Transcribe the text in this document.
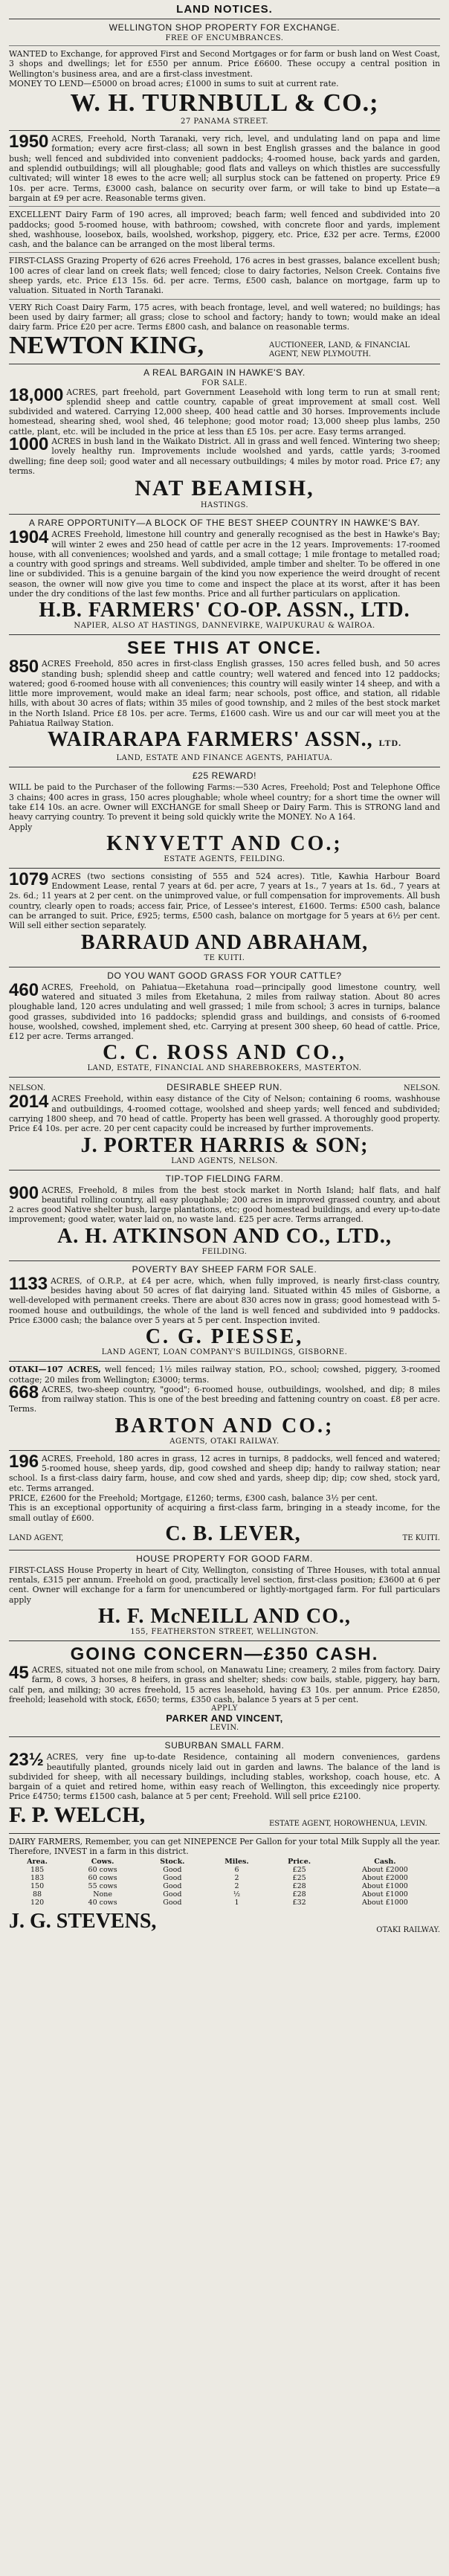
LAND NOTICES.
WELLINGTON SHOP PROPERTY FOR EXCHANGE.
FREE OF ENCUMBRANCES.
WANTED to Exchange, for approved First and Second Mortgages or for farm or bush land on West Coast, 3 shops and dwellings; let for £550 per annum. Price £6600. These occupy a central position in Wellington's business area, and are a first-class investment.
MONEY TO LEND—£5000 on broad acres; £1000 in sums to suit at current rate.
W. H. TURNBULL & CO.;
27 PANAMA STREET.
1950 ACRES, Freehold, North Taranaki, very rich, level, and undulating land on papa and lime formation; every acre first-class; all sown in best English grasses and the balance in good bush; well fenced and subdivided into convenient paddocks; 4-roomed house, back yards and garden, and splendid outbuildings; will all ploughable; good flats and valleys on which thistles are successfully cultivated; will winter 18 ewes to the acre well; all surplus stock can be fattened on property. Price £9 10s. per acre. Terms, £3000 cash, balance on security over farm, or will take to bind up Estate—a bargain at £9 per acre. Reasonable terms given.
EXCELLENT Dairy Farm of 190 acres, all improved; beach farm; well fenced and subdivided into 20 paddocks; good 5-roomed house, with bathroom; cowshed, with concrete floor and yards, implement shed, washhouse, loosebox, bails, woolshed, workshop, piggery, etc. Price, £32 per acre. Terms, £2000 cash, and the balance can be arranged on the most liberal terms.
FIRST-CLASS Grazing Property of 626 acres Freehold, 176 acres in best grasses, balance excellent bush; 100 acres of clear land on creek flats; well fenced; close to dairy factories, Nelson Creek. Contains five sheep yards, etc. Price £13 15s. 6d. per acre. Terms, £500 cash, balance on mortgage, farm up to valuation. Situated in North Taranaki.
VERY Rich Coast Dairy Farm, 175 acres, with beach frontage, level, and well watered; no buildings; has been used by dairy farmer; all grass; close to school and factory; handy to town; would make an ideal dairy farm. Price £20 per acre. Terms £800 cash, and balance on reasonable terms.
NEWTON KING,	AUCTIONEER, LAND, & FINANCIAL AGENT, NEW PLYMOUTH.
A REAL BARGAIN IN HAWKE'S BAY.
FOR SALE.
18,000 ACRES, part freehold, part Government Leasehold with long term to run at small rent; splendid sheep and cattle country, capable of great improvement at small cost. Well subdivided and watered. Carrying 12,000 sheep, 400 head cattle and 30 horses. Improvements include homestead, shearing shed, wool shed, 46 telephone; good motor road; 13,000 sheep plus lambs, 250 cattle, plant, etc. will be included in the price at less than £5 10s. per acre. Easy terms arranged.
1000 ACRES in bush land in the Waikato District. All in grass and well fenced. Wintering two sheep; lovely healthy run. Improvements include woolshed and yards, cattle yards; 3-roomed dwelling; fine deep soil; good water and all necessary outbuildings; 4 miles by motor road. Price £7; any terms.
NAT BEAMISH,
HASTINGS.
A RARE OPPORTUNITY—A BLOCK OF THE BEST SHEEP COUNTRY IN HAWKE'S BAY.
1904 ACRES Freehold, limestone hill country and generally recognised as the best in Hawke's Bay; will winter 2 ewes and 250 head of cattle per acre in the 12 years. Improvements: 17-roomed house, with all conveniences; woolshed and yards, and a small cottage; 1 mile frontage to metalled road; a country with good springs and streams. Well subdivided, ample timber and shelter. To be offered in one line or subdivided. This is a genuine bargain of the kind you now experience the weird drought of recent season, the owner will now give you time to come and inspect the place at its worst, after it has been under the dry conditions of the last few months. Price and all further particulars on application.
H.B. FARMERS' CO-OP. ASSN., LTD.
NAPIER, ALSO AT HASTINGS, DANNEVIRKE, WAIPUKURAU & WAIROA.
SEE THIS AT ONCE.
850 ACRES Freehold, 850 acres in first-class English grasses, 150 acres felled bush, and 50 acres standing bush; splendid sheep and cattle country; well watered and fenced into 12 paddocks; watered; good 6-roomed house with all conveniences; this country will easily winter 14 sheep, and with a little more improvement, would make an ideal farm; near schools, post office, and station, all ridable hills, with about 30 acres of flats; within 35 miles of good township, and 2 miles of the best stock market in the North Island. Price £8 10s. per acre. Terms, £1600 cash. Wire us and our car will meet you at the Pahiatua Railway Station.
WAIRARAPA FARMERS' ASSN., LTD.
LAND, ESTATE AND FINANCE AGENTS, PAHIATUA.
£25 REWARD!
WILL be paid to the Purchaser of the following Farms:—530 Acres, Freehold; Post and Telephone Office 3 chains; 400 acres in grass, 150 acres ploughable; whole wheel country; for a short time the owner will take £14 10s. an acre. Owner will EXCHANGE for small Sheep or Dairy Farm. This is STRONG land and heavy carrying country. To prevent it being sold quickly write the MONEY. No A 164.
Apply
KNYVETT AND CO.;
ESTATE AGENTS, FEILDING.
1079 ACRES (two sections consisting of 555 and 524 acres). Title, Kawhia Harbour Board Endowment Lease, rental 7 years at 6d. per acre, 7 years at 1s., 7 years at 1s. 6d., 7 years at 2s. 6d.; 11 years at 2 per cent. on the unimproved value, or full compensation for improvements. All bush country, clearly open to roads; access fair, Price, of Lessee's interest, £1600. Terms: £500 cash, balance can be arranged to suit. Price, £925; terms, £500 cash, balance on mortgage for 5 years at 6½ per cent. Will sell either section separately.
BARRAUD AND ABRAHAM,
TE KUITI.
DO YOU WANT GOOD GRASS FOR YOUR CATTLE?
460 ACRES, Freehold, on Pahiatua—Eketahuna road—principally good limestone country, well watered and situated 3 miles from Eketahuna, 2 miles from railway station. About 80 acres ploughable land, 120 acres undulating and well grassed; 1 mile from school; 3 acres in turnips, balance good grasses, subdivided into 16 paddocks; splendid grass and buildings, and consists of 6-roomed house, woolshed, cowshed, implement shed, etc. Carrying at present 300 sheep, 60 head of cattle. Price, £12 per acre. Terms arranged.
C. C. ROSS AND CO.,
LAND, ESTATE, FINANCIAL AND SHAREBROKERS, MASTERTON.
NELSON.	DESIRABLE SHEEP RUN.	NELSON.
2014 ACRES Freehold, within easy distance of the City of Nelson; containing 6 rooms, washhouse and outbuildings, 4-roomed cottage, woolshed and sheep yards; well fenced and subdivided; carrying 1800 sheep, and 70 head of cattle. Property has been well grassed. A thoroughly good property. Price £4 10s. per acre. 20 per cent capacity could be increased by further improvements.
J. PORTER HARRIS & SON;
LAND AGENTS, NELSON.
TIP-TOP FIELDING FARM.
900 ACRES, Freehold, 8 miles from the best stock market in North Island; half flats, and half beautiful rolling country, all easy ploughable; 200 acres in improved grassed country, and about 2 acres good Native shelter bush, large plantations, etc; good homestead buildings, and every up-to-date improvement; good water, water laid on, no waste land. £25 per acre. Terms arranged.
A. H. ATKINSON AND CO., LTD.,
FEILDING.
POVERTY BAY SHEEP FARM FOR SALE.
1133 ACRES, of O.R.P., at £4 per acre, which, when fully improved, is nearly first-class country, besides having about 50 acres of flat dairying land. Situated within 45 miles of Gisborne, a well-developed with permanent creeks. There are about 830 acres now in grass; good homestead with 5-roomed house and outbuildings, the whole of the land is well fenced and subdivided into 9 paddocks. Price £3000 cash; the balance over 5 years at 5 per cent. Inspection invited.
C. G. PIESSE,
LAND AGENT, LOAN COMPANY'S BUILDINGS, GISBORNE.
OTAKI—107 ACRES, well fenced; 1½ miles railway station, P.O., school; cowshed, piggery, 3-roomed cottage; 20 miles from Wellington; £3000; terms.
668 ACRES, two-sheep country, "good"; 6-roomed house, outbuildings, woolshed, and dip; 8 miles from railway station. This is one of the best breeding and fattening country on coast. £8 per acre. Terms.
BARTON AND CO.;
AGENTS, OTAKI RAILWAY.
196 ACRES, Freehold, 180 acres in grass, 12 acres in turnips, 8 paddocks, well fenced and watered; 5-roomed house, sheep yards, dip, good cowshed and sheep dip; handy to railway station; near school. Is a first-class dairy farm, house, and cow shed and yards, sheep dip; dip; cow shed, stock yard, etc. Terms arranged.
PRICE, £2600 for the Freehold; Mortgage, £1260; terms, £300 cash, balance 3½ per cent.
This is an exceptional opportunity of acquiring a first-class farm, bringing in a steady income, for the small outlay of £600.
LAND AGENT,	C. B. LEVER,	TE KUITI.
HOUSE PROPERTY FOR GOOD FARM.
FIRST-CLASS House Property in heart of City, Wellington, consisting of Three Houses, with total annual rentals, £315 per annum. Freehold on good, practically level section, first-class position; £3600 at 6 per cent. Owner will exchange for a farm for unencumbered or lightly-mortgaged farm. For full particulars apply
H. F. McNEILL AND CO.,
155, FEATHERSTON STREET, WELLINGTON.
GOING CONCERN—£350 CASH.
45 ACRES, situated not one mile from school, on Manawatu Line; creamery, 2 miles from factory. Dairy farm, 8 cows, 3 horses, 8 heifers, in grass and shelter; sheds: cow bails, stable, piggery, hay barn, calf pen, and milking; 30 acres freehold, 15 acres leasehold, having £3 10s. per annum. Price £2850, freehold; leasehold with stock, £650; terms, £350 cash, balance 5 years at 5 per cent.
APPLY
PARKER AND VINCENT,
LEVIN.
SUBURBAN SMALL FARM.
23½ ACRES, very fine up-to-date Residence, containing all modern conveniences, gardens beautifully planted, grounds nicely laid out in garden and lawns. The balance of the land is subdivided for sheep, with all necessary buildings, including stables, workshop, coach house, etc. A bargain of a quiet and retired home, within easy reach of Wellington, this exceedingly nice property. Price £4750; terms £1500 cash, balance at 5 per cent; Freehold. Will sell price £2100.
F. P. WELCH,	ESTATE AGENT, HOROWHENUA, LEVIN.
DAIRY FARMERS, Remember, you can get NINEPENCE Per Gallon for your total Milk Supply all the year. Therefore, INVEST in a farm in this district.
Area.	Cows.	Stock.	Miles.	Price.	Cash.
185	60 cows	Good	6	£25	About £2000
183	60 cows	Good	2	£25	About £2000
150	55 cows	Good	2	£28	About £1000
88	None	Good	½	£28	About £1000
120	40 cows	Good	1	£32	About £1000
J. G. STEVENS,	OTAKI RAILWAY.
